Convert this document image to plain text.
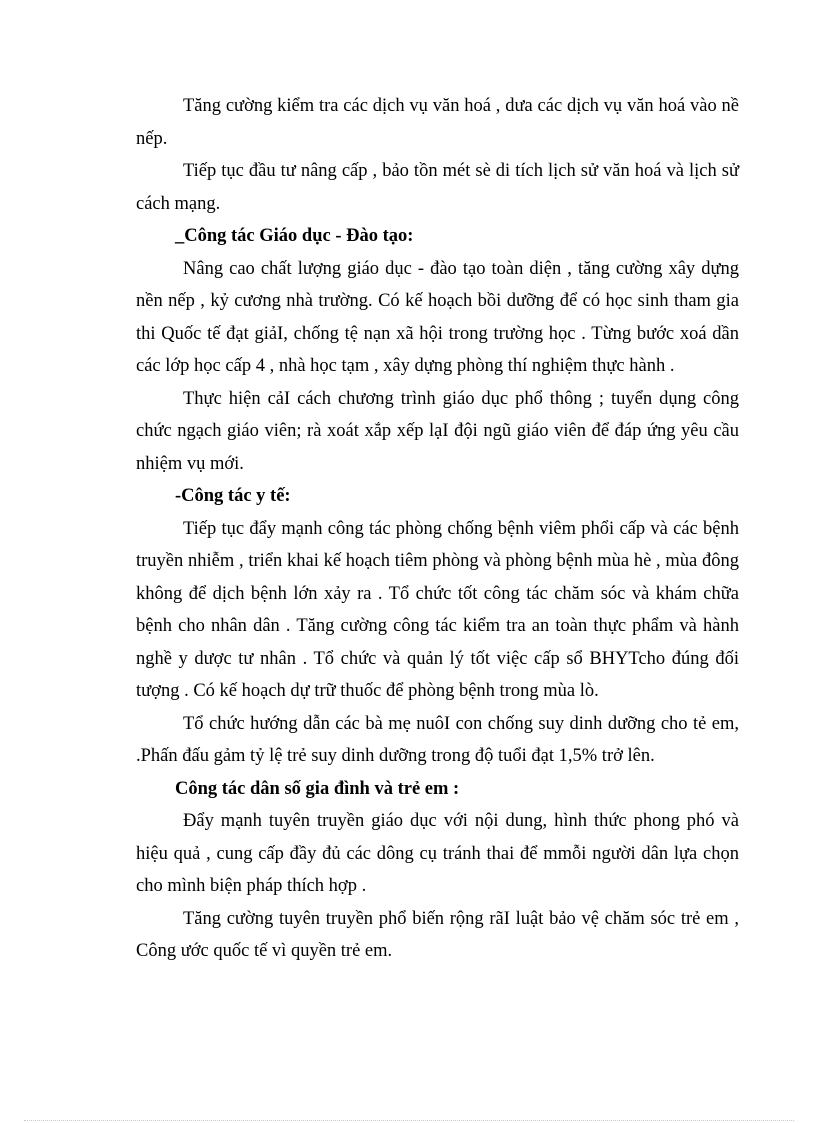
Tăng cường kiểm tra các dịch vụ văn hoá , dưa các dịch vụ văn hoá vào nề nếp.

Tiếp tục đầu tư nâng cấp , bảo tồn mét sè di tích lịch sử văn hoá và lịch sử cách mạng.

_Công tác Giáo dục - Đào tạo:

Nâng cao chất lượng giáo dục - đào tạo toàn diện , tăng cường xây dựng nền nếp , kỷ cương nhà trường. Có kế hoạch bồi dưỡng để có học sinh tham gia thi Quốc tế đạt giảI, chống tệ nạn xã hội trong trường học . Từng bước xoá dần các lớp học cấp 4 , nhà học tạm , xây dựng phòng thí nghiệm thực hành .

Thực hiện cảI cách chương trình giáo dục phổ thông ; tuyển dụng công chức ngạch giáo viên; rà xoát xắp xếp lạI đội ngũ giáo viên để đáp ứng yêu cầu nhiệm vụ mới.

-Công tác y tế:

Tiếp tục đẩy mạnh công tác phòng chống bệnh viêm phổi cấp và các bệnh truyền nhiễm , triển khai kế hoạch tiêm phòng và phòng bệnh mùa hè , mùa đông không để dịch bệnh lớn xảy ra . Tổ chức tốt công tác chăm sóc và khám chữa bệnh cho nhân dân . Tăng cường công tác kiểm tra an toàn thực phẩm và hành nghề y dược tư nhân . Tổ chức và quản lý tốt việc cấp sổ BHYTcho đúng đối tượng . Có kế hoạch dự trữ thuốc để phòng bệnh trong mùa lò.

Tổ chức hướng dẫn các bà mẹ nuôI con chống suy dinh dưỡng cho tẻ em, .Phấn đấu gảm tỷ lệ trẻ suy dinh dưỡng trong độ tuổi đạt 1,5% trở lên.

Công tác dân số gia đình và trẻ em :

Đẩy mạnh tuyên truyền giáo dục với nội dung, hình thức phong phó và hiệu quả , cung cấp đầy đủ các dông cụ tránh thai để mmỗi người dân lựa chọn cho mình biện pháp thích hợp .

Tăng cường tuyên truyền phổ biến rộng rãI luật bảo vệ chăm sóc trẻ em , Công ước quốc tế vì quyền trẻ em.
